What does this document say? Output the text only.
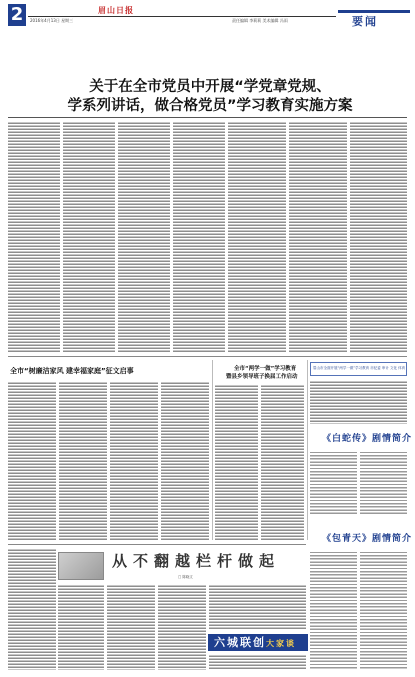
2	眉山日报
2016年4月13日 星期三	责任编辑 李莉莉 美术编辑 冯雨	要闻
关于在全市党员中开展“学党章党规、
学系列讲话，做合格党员”学习教育实施方案
全市“树廉洁家风 建幸福家庭”征文启事	全市“两学一做”学习教育
暨县乡领导班子换届工作启动
眉山市全面开展“两学一做”学习教育 市纪委 审计 文化 体育
《白蛇传》剧情简介
《包青天》剧情简介
从不翻越栏杆做起
□ 陈晓文
六城联创大家谈
